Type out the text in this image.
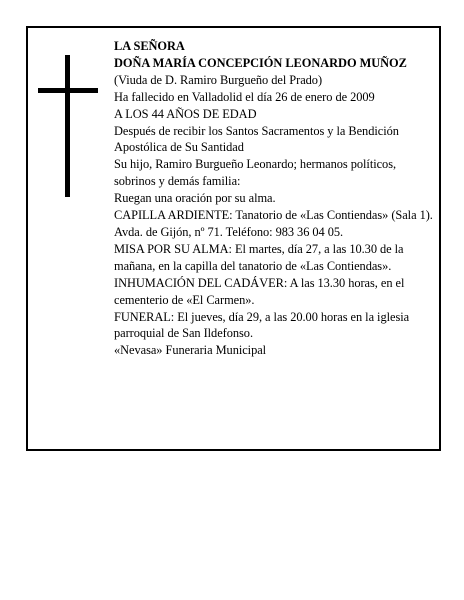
LA SEÑORA

DOÑA MARÍA CONCEPCIÓN LEONARDO MUÑOZ

(Viuda de D. Ramiro Burgueño del Prado)

Ha fallecido en Valladolid el día 26 de enero de 2009

A LOS 44 AÑOS DE EDAD

Después de recibir los Santos Sacramentos y la Bendición Apostólica de Su Santidad

Su hijo, Ramiro Burgueño Leonardo; hermanos políticos, sobrinos y demás familia:

Ruegan una oración por su alma.

CAPILLA ARDIENTE: Tanatorio de «Las Contiendas» (Sala 1). Avda. de Gijón, nº 71. Teléfono: 983 36 04 05.

MISA POR SU ALMA: El martes, día 27, a las 10.30 de la mañana, en la capilla del tanatorio de «Las Contiendas».

INHUMACIÓN DEL CADÁVER: A las 13.30 horas, en el cementerio de «El Carmen».

FUNERAL: El jueves, día 29, a las 20.00 horas en la iglesia parroquial de San Ildefonso.

«Nevasa» Funeraria Municipal
